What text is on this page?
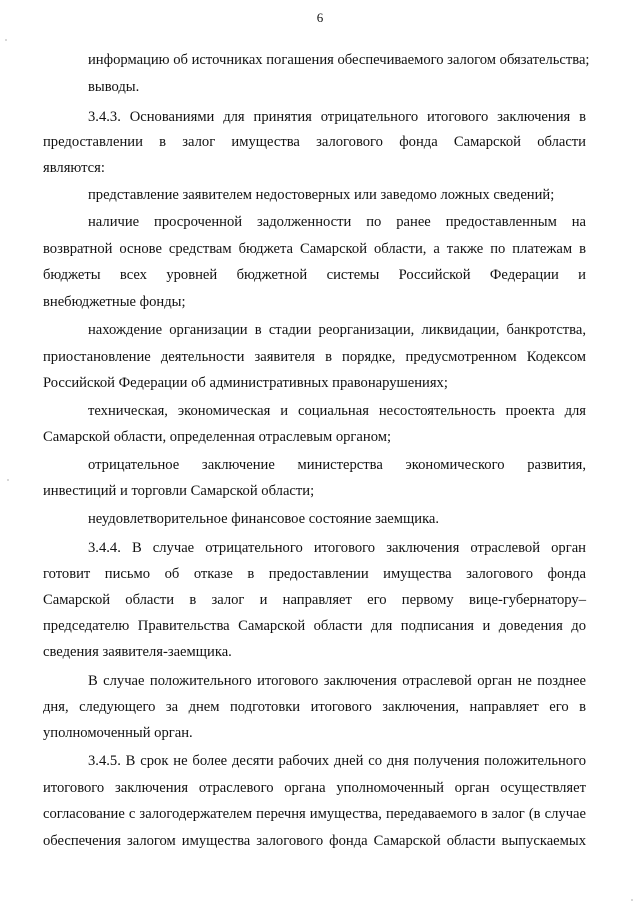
6
информацию об источниках погашения обеспечиваемого залогом обязательства;
выводы.
3.4.3. Основаниями для принятия отрицательного итогового заключения в
предоставлении в залог имущества залогового фонда Самарской области
являются:
представление заявителем недостоверных или заведомо ложных сведений;
наличие просроченной задолженности по ранее предоставленным на
возвратной основе средствам бюджета Самарской области, а также по платежам в
бюджеты всех уровней бюджетной системы Российской Федерации и
внебюджетные фонды;
нахождение организации в стадии реорганизации, ликвидации, банкротства,
приостановление деятельности заявителя в порядке, предусмотренном Кодексом
Российской Федерации об административных правонарушениях;
техническая, экономическая и социальная несостоятельность проекта для
Самарской области, определенная отраслевым органом;
отрицательное заключение министерства экономического развития,
инвестиций и торговли Самарской области;
неудовлетворительное финансовое состояние заемщика.
3.4.4. В случае отрицательного итогового заключения отраслевой орган
готовит письмо об отказе в предоставлении имущества залогового фонда
Самарской области в залог и направляет его первому вице-губернатору–
председателю Правительства Самарской области для подписания и доведения до
сведения заявителя-заемщика.
В случае положительного итогового заключения отраслевой орган не позднее
дня, следующего за днем подготовки итогового заключения, направляет его в
уполномоченный орган.
3.4.5. В срок не более десяти рабочих дней со дня получения положительного
итогового заключения отраслевого органа уполномоченный орган осуществляет
согласование с залогодержателем перечня имущества, передаваемого в залог (в случае
обеспечения залогом имущества залогового фонда Самарской области выпускаемых
